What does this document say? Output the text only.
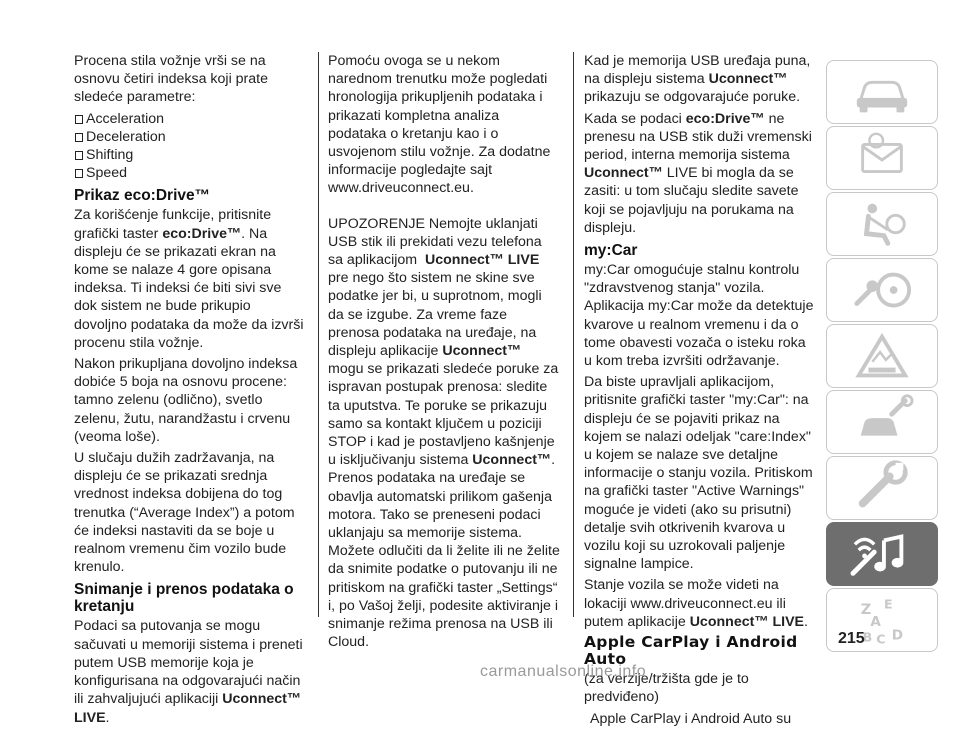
Procena stila vožnje vrši se na osnovu četiri indeksa koji prate sledeće parametre:

Acceleration
Deceleration
Shifting
Speed
Prikaz eco:Drive™

Za korišćenje funkcije, pritisnite grafički taster eco:Drive™. Na displeju će se prikazati ekran na kome se nalaze 4 gore opisana indeksa. Ti indeksi će biti sivi sve dok sistem ne bude prikupio dovoljno podataka da može da izvrši procenu stila vožnje.

Nakon prikupljana dovoljno indeksa dobiće 5 boja na osnovu procene: tamno zelenu (odlično), svetlo zelenu, žutu, narandžastu i crvenu (veoma loše).

U slučaju dužih zadržavanja, na displeju će se prikazati srednja vrednost indeksa dobijena do tog trenutka (“Average Index”) a potom će indeksi nastaviti da se boje u realnom vremenu čim vozilo bude krenulo.

Snimanje i prenos podataka o kretanju

Podaci sa putovanja se mogu sačuvati u memoriji sistema i preneti putem USB memorije koja je konfigurisana na odgovarajući način ili zahvaljujući aplikaciji Uconnect™ LIVE.

Pomoću ovoga se u nekom narednom trenutku može pogledati hronologija prikupljenih podataka i prikazati kompletna analiza podataka o kretanju kao i o usvojenom stilu vožnje. Za dodatne informacije pogledajte sajt www.driveuconnect.eu.

UPOZORENJE Nemojte uklanjati USB stik ili prekidati vezu telefona sa aplikacijom Uconnect™ LIVE pre nego što sistem ne skine sve podatke jer bi, u suprotnom, mogli da se izgube. Za vreme faze prenosa podataka na uređaje, na displeju aplikacije Uconnect™ mogu se prikazati sledeće poruke za ispravan postupak prenosa: sledite ta uputstva. Te poruke se prikazuju samo sa kontakt ključem u poziciji STOP i kad je postavljeno kašnjenje u isključivanju sistema Uconnect™. Prenos podataka na uređaje se obavlja automatski prilikom gašenja motora. Tako se preneseni podaci uklanjaju sa memorije sistema. Možete odlučiti da li želite ili ne želite da snimite podatke o putovanju ili ne pritiskom na grafički taster „Settings“ i, po Vašoj želji, podesite aktiviranje i snimanje režima prenosa na USB ili Cloud.

Kad je memorija USB uređaja puna, na displeju sistema Uconnect™ prikazuju se odgovarajuće poruke.

Kada se podaci eco:Drive™ ne prenesu na USB stik duži vremenski period, interna memorija sistema Uconnect™ LIVE bi mogla da se zasiti: u tom slučaju sledite savete koji se pojavljuju na porukama na displeju.

my:Car

my:Car omogućuje stalnu kontrolu "zdravstvenog stanja" vozila. Aplikacija my:Car može da detektuje kvarove u realnom vremenu i da o tome obavesti vozača o isteku roka u kom treba izvršiti održavanje.

Da biste upravljali aplikacijom, pritisnite grafički taster "my:Car": na displeju će se pojaviti prikaz na kojem se nalazi odeljak "care:Index" u kojem se nalaze sve detaljne informacije o stanju vozila. Pritiskom na grafički taster "Active Warnings" moguće je videti (ako su prisutni) detalje svih otkrivenih kvarova u vozilu koji su uzrokovali paljenje signalne lampice.

Stanje vozila se može videti na lokaciji www.driveuconnect.eu ili putem aplikacije Uconnect™ LIVE.

Apple CarPlay i Android Auto

(za verzije/tržišta gde je to predviđeno)

Apple CarPlay i Android Auto su

Z E
A
B C D
215
carmanualsonline.info
